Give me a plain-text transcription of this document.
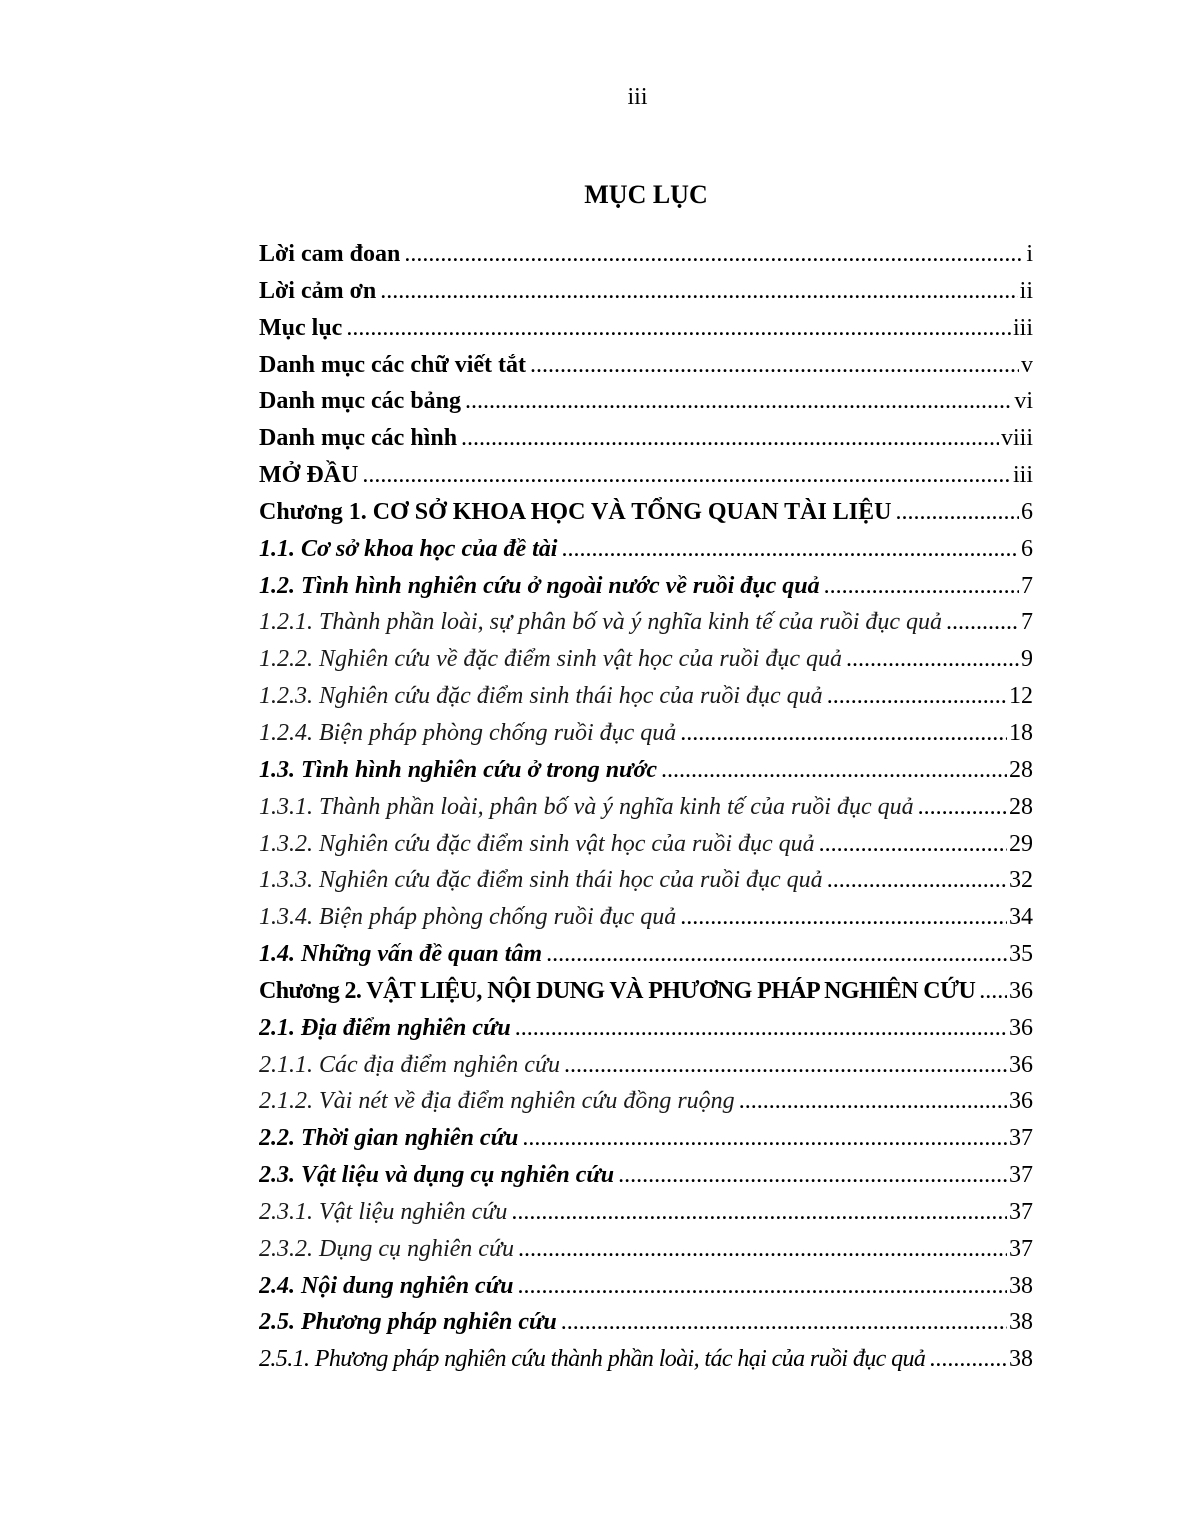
iii
MỤC LỤC
Lời cam đoan .....	i
Lời cảm ơn .....	ii
Mục lục .....	iii
Danh mục các chữ viết tắt .....	v
Danh mục các bảng .....	vi
Danh mục các hình .....	viii
MỞ ĐẦU .....	iii
Chương 1. CƠ SỞ KHOA HỌC VÀ TỔNG QUAN TÀI LIỆU .....	6
1.1. Cơ sở khoa học của đề tài .....	6
1.2. Tình hình nghiên cứu ở ngoài nước về ruồi đục quả .....	7
1.2.1. Thành phần loài, sự phân bố và ý nghĩa kinh tế của ruồi đục quả .....	7
1.2.2. Nghiên cứu về đặc điểm sinh vật học của ruồi đục quả .....	9
1.2.3. Nghiên cứu đặc điểm sinh thái học của ruồi đục quả .....	12
1.2.4. Biện pháp phòng chống ruồi đục quả .....	18
1.3. Tình hình nghiên cứu ở trong nước .....	28
1.3.1. Thành phần loài, phân bố và ý nghĩa kinh tế của ruồi đục quả .....	28
1.3.2. Nghiên cứu đặc điểm sinh vật học của ruồi đục quả .....	29
1.3.3. Nghiên cứu đặc điểm sinh thái học của ruồi đục quả .....	32
1.3.4. Biện pháp phòng chống ruồi đục quả .....	34
1.4. Những vấn đề quan tâm .....	35
Chương 2. VẬT LIỆU, NỘI DUNG VÀ PHƯƠNG PHÁP NGHIÊN CỨU ..... 36
2.1. Địa điểm nghiên cứu .....	36
2.1.1. Các địa điểm nghiên cứu .....	36
2.1.2. Vài nét về địa điểm nghiên cứu đồng ruộng .....	36
2.2. Thời gian nghiên cứu .....	37
2.3. Vật liệu và dụng cụ nghiên cứu .....	37
2.3.1. Vật liệu nghiên cứu .....	37
2.3.2. Dụng cụ nghiên cứu .....	37
2.4. Nội dung nghiên cứu .....	38
2.5. Phương pháp nghiên cứu .....	38
2.5.1. Phương pháp nghiên cứu thành phần loài, tác hại của ruồi đục quả .....	38
